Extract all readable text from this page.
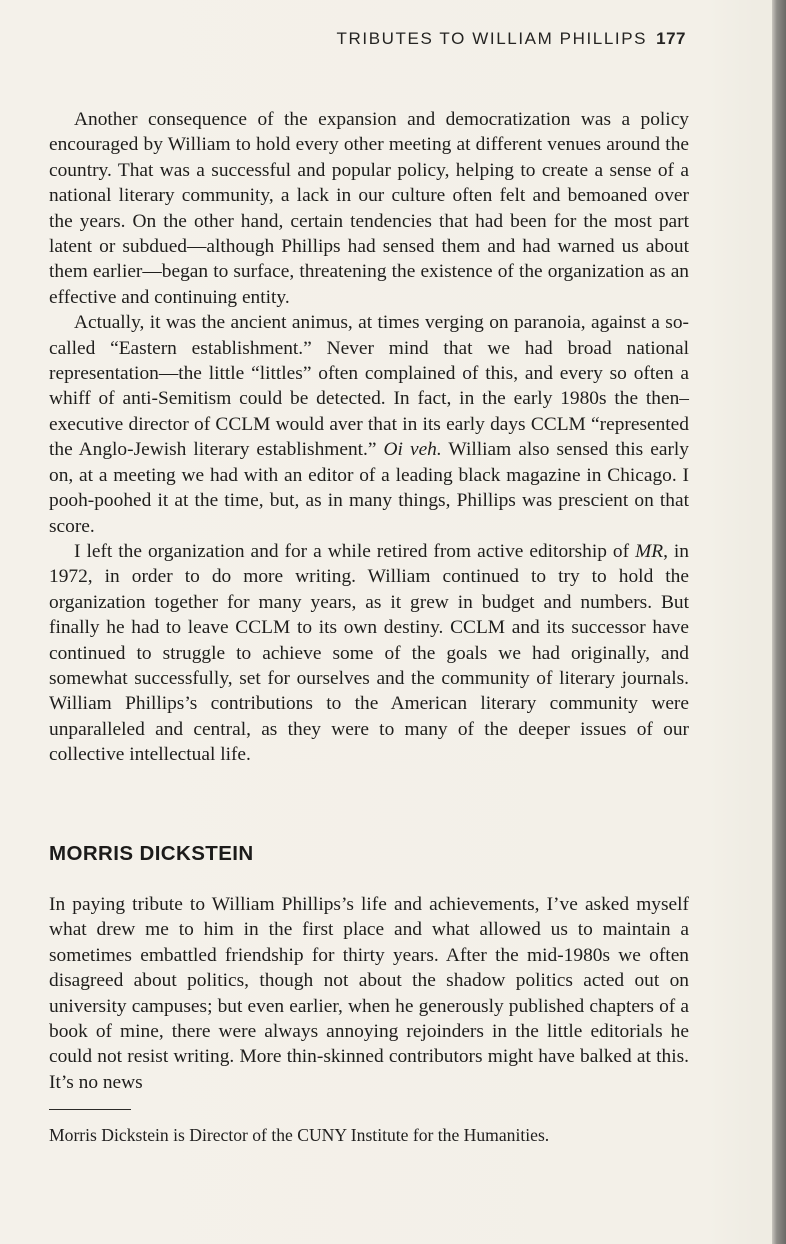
TRIBUTES TO WILLIAM PHILLIPS 177

Another consequence of the expansion and democratization was a policy encouraged by William to hold every other meeting at different venues around the country. That was a successful and popular policy, helping to create a sense of a national literary community, a lack in our culture often felt and bemoaned over the years. On the other hand, certain tendencies that had been for the most part latent or subdued—although Phillips had sensed them and had warned us about them earlier—began to surface, threatening the existence of the organization as an effective and continuing entity.

Actually, it was the ancient animus, at times verging on paranoia, against a so-called “Eastern establishment.” Never mind that we had broad national representation—the little “littles” often complained of this, and every so often a whiff of anti-Semitism could be detected. In fact, in the early 1980s the then–executive director of CCLM would aver that in its early days CCLM “represented the Anglo-Jewish literary establishment.” Oi veh. William also sensed this early on, at a meeting we had with an editor of a leading black magazine in Chicago. I pooh-poohed it at the time, but, as in many things, Phillips was prescient on that score.

I left the organization and for a while retired from active editorship of MR, in 1972, in order to do more writing. William continued to try to hold the organization together for many years, as it grew in budget and numbers. But finally he had to leave CCLM to its own destiny. CCLM and its successor have continued to struggle to achieve some of the goals we had originally, and somewhat successfully, set for ourselves and the community of literary journals. William Phillips’s contributions to the American literary community were unparalleled and central, as they were to many of the deeper issues of our collective intellectual life.

MORRIS DICKSTEIN

In paying tribute to William Phillips’s life and achievements, I’ve asked myself what drew me to him in the first place and what allowed us to maintain a sometimes embattled friendship for thirty years. After the mid-1980s we often disagreed about politics, though not about the shadow politics acted out on university campuses; but even earlier, when he generously published chapters of a book of mine, there were always annoying rejoinders in the little editorials he could not resist writing. More thin-skinned contributors might have balked at this. It’s no news

Morris Dickstein is Director of the CUNY Institute for the Humanities.
